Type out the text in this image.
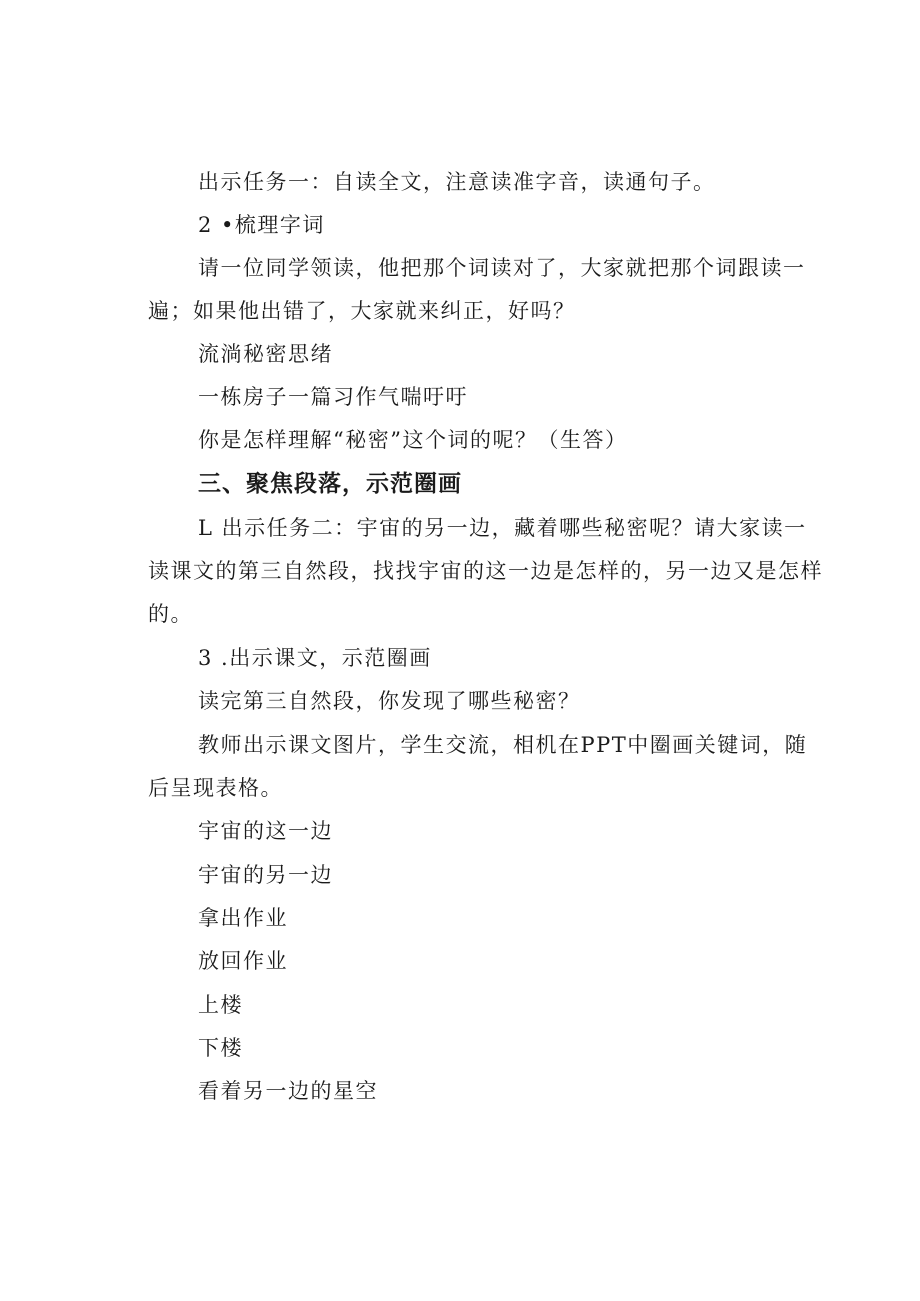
出示任务一：自读全文，注意读准字音，读通句子。
2 •梳理字词
请一位同学领读，他把那个词读对了，大家就把那个词跟读一
遍；如果他出错了，大家就来纠正，好吗？
流淌秘密思绪
一栋房子一篇习作气喘吁吁
你是怎样理解“秘密”这个词的呢？（生答）
三、聚焦段落，示范圈画
L 出示任务二：宇宙的另一边，藏着哪些秘密呢？请大家读一
读课文的第三自然段，找找宇宙的这一边是怎样的，另一边又是怎样
的。
3 .出示课文，示范圈画
读完第三自然段，你发现了哪些秘密？
教师出示课文图片，学生交流，相机在PPT中圈画关键词，随
后呈现表格。
宇宙的这一边
宇宙的另一边
拿出作业
放回作业
上楼
下楼
看着另一边的星空
